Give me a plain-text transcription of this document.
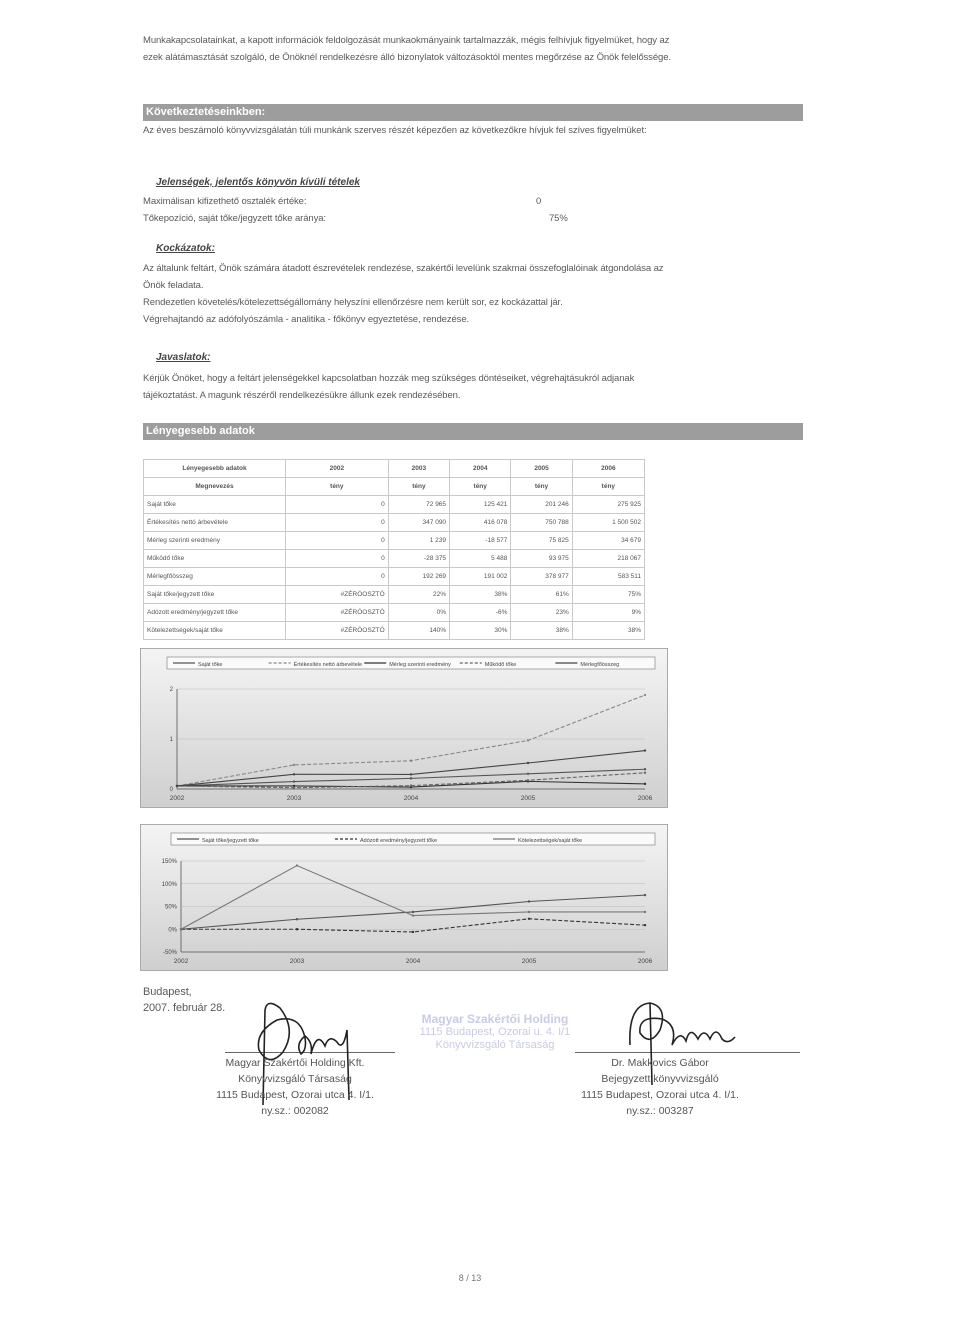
Munkakapcsolatainkat, a kapott információk feldolgozását munkaokmányaink tartalmazzák, mégis felhívjuk figyelmüket, hogy az
ezek alátámasztását szolgáló, de Önöknél rendelkezésre álló bizonylatok változásoktól mentes megőrzése az Önök felelőssége.
Következtetéseinkben:
Az éves beszámoló könyvvizsgálatán túli munkánk szerves részét képezően az következőkre hívjuk fel szíves figyelmüket:
Jelenségek, jelentős könyvön kívüli tételek
Maximálisan kifizethető osztalék értéke:	0
Tőkepozíció, saját tőke/jegyzett tőke aránya:	75%
Kockázatok:
Az általunk feltárt, Önök számára átadott észrevételek rendezése, szakértői levelünk szakmai összefoglalóinak átgondolása az
Önök feladata.
Rendezetlen követelés/kötelezettségállomány helyszíni ellenőrzésre nem került sor, ez kockázattal jár.
Végrehajtandó az adófolyószámla - analitika - főkönyv egyeztetése, rendezése.
Javaslatok:
Kérjük Önöket, hogy a feltárt jelenségekkel kapcsolatban hozzák meg szükséges döntéseiket, végrehajtásukról adjanak
tájékoztatást. A magunk részéről rendelkezésükre állunk ezek rendezésében.
Lényegesebb adatok
Lényegesebb adatok	2002	2003	2004	2005	2006
Megnevezés	tény	tény	tény	tény	tény
Saját tőke	0	72 965	125 421	201 246	275 925
Értékesítés nettó árbevétele	0	347 090	416 078	750 788	1 500 502
Mérleg szerinti eredmény	0	1 239	-18 577	75 825	34 679
Működő tőke	0	-28 375	5 488	93 975	218 067
Mérlegfőösszeg	0	192 269	191 002	378 977	583 511
Saját tőke/jegyzett tőke	#ZÉRÓOSZTÓ	22%	38%	61%	75%
Adózott eredmény/jegyzett tőke	#ZÉRÓOSZTÓ	0%	-6%	23%	9%
Kötelezettségek/saját tőke	#ZÉRÓOSZTÓ	140%	30%	38%	38%
Saját tőke	Értékesítés nettó árbevétele	Mérleg szerinti eredmény	Működő tőke	Mérlegfőösszeg
2
1
0
2002	2003	2004	2005	2006
Saját tőke/jegyzett tőke	Adózott eredmény/jegyzett tőke	Kötelezettségek/saját tőke
150%
100%
50%
0%
-50%
2002	2003	2004	2005	2006
Budapest,
2007. február 28.
Magyar Szakértői Holding
1115 Budapest, Ozorai u. 4. I/1
Könyvvizsgáló Társaság
Magyar Szakértői Holding Kft.
Könyvvizsgáló Társaság
1115 Budapest, Ozorai utca 4. I/1.
ny.sz.: 002082
Dr. Makkovics Gábor
Bejegyzett könyvvizsgáló
1115 Budapest, Ozorai utca 4. I/1.
ny.sz.: 003287
8 / 13
